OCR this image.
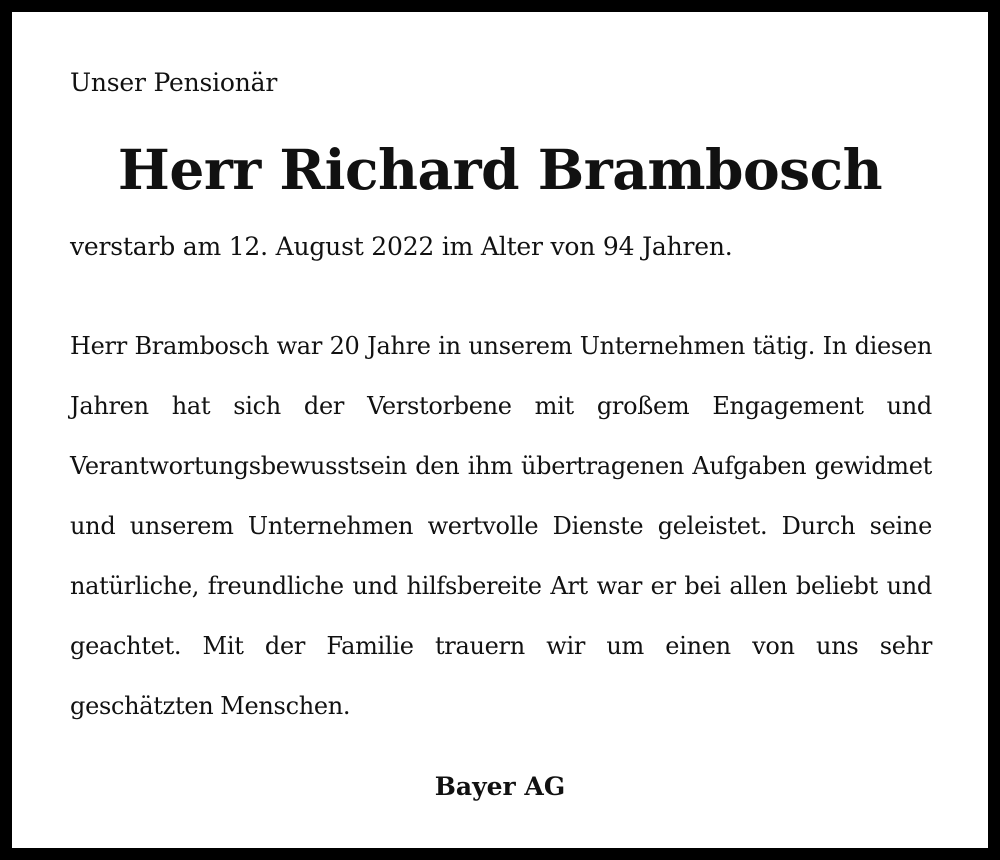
Unser Pensionär

Herr Richard Brambosch

verstarb am 12. August 2022 im Alter von 94 Jahren.

Herr Brambosch war 20 Jahre in unserem Unternehmen tätig. In diesen Jahren hat sich der Verstorbene mit großem Engagement und Verantwortungsbewusstsein den ihm übertragenen Aufgaben gewidmet und unserem Unternehmen wertvolle Dienste geleistet. Durch seine natürliche, freundliche und hilfsbereite Art war er bei allen beliebt und geachtet. Mit der Familie trauern wir um einen von uns sehr geschätzten Menschen.

Bayer AG
